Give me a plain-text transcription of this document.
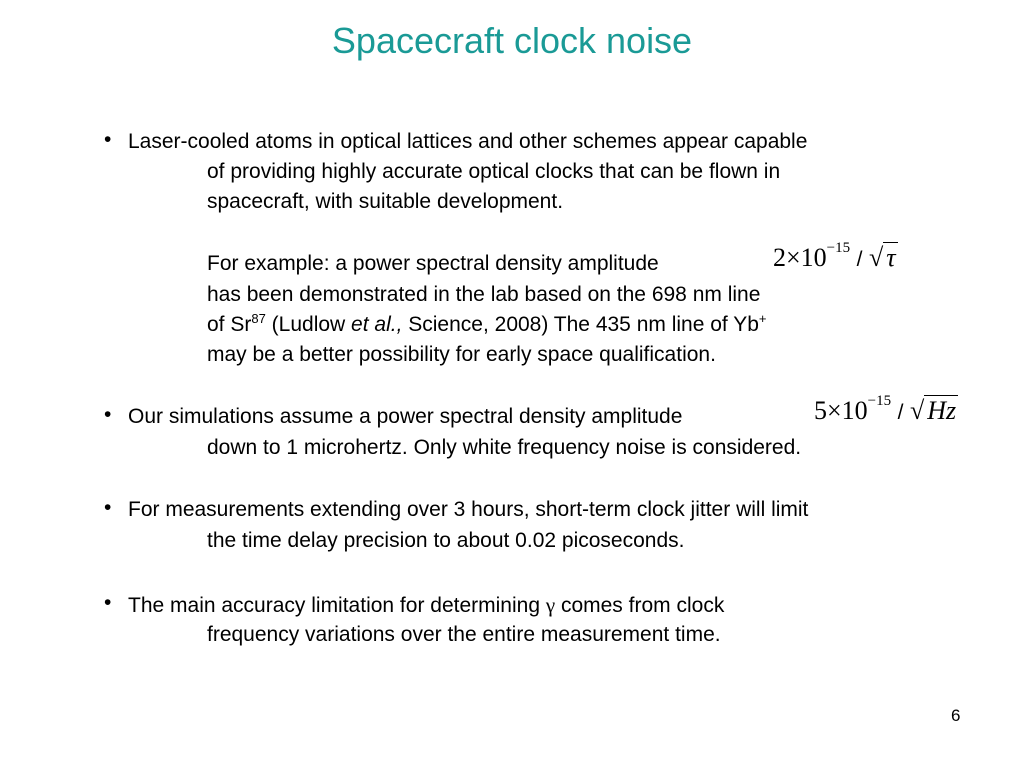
Spacecraft clock noise
• Laser-cooled atoms in optical lattices and other schemes appear capable
of providing highly accurate optical clocks that can be flown in
spacecraft, with suitable development.
For example: a power spectral density amplitude	$2\times 10^{-15}$ / √ τ
has been demonstrated in the lab based on the 698 nm line
of Sr$^{87}$ (Ludlow et al., Science, 2008) The 435 nm line of Yb+
may be a better possibility for early space qualification.
• Our simulations assume a power spectral density amplitude	$5\times 10^{-15}$ / √ Hz
down to 1 microhertz. Only white frequency noise is considered.
• For measurements extending over 3 hours, short-term clock jitter will limit
the time delay precision to about 0.02 picoseconds.
• The main accuracy limitation for determining γ comes from clock
frequency variations over the entire measurement time.
6
